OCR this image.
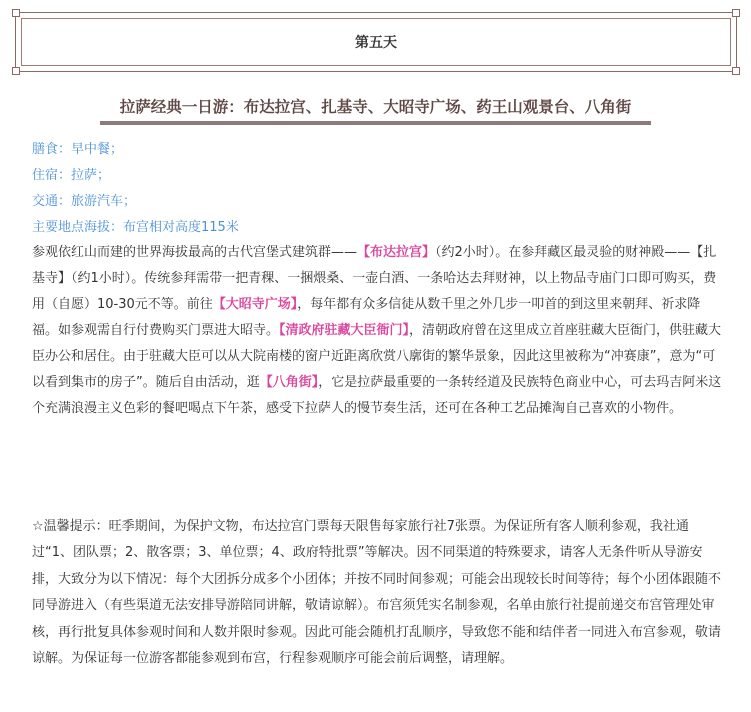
第五天
拉萨经典一日游：布达拉宫、扎基寺、大昭寺广场、药王山观景台、八角街
膳食：早中餐；
住宿：拉萨；
交通：旅游汽车；
主要地点海拔：布宫相对高度115米
参观依红山而建的世界海拔最高的古代宫堡式建筑群——【布达拉宫】（约2小时）。在参拜藏区最灵验的财神殿——【扎基寺】（约1小时）。传统参拜需带一把青稞、一捆煨桑、一壶白酒、一条哈达去拜财神，以上物品寺庙门口即可购买，费用（自愿）10-30元不等。前往【大昭寺广场】，每年都有众多信徒从数千里之外几步一叩首的到这里来朝拜、祈求降福。如参观需自行付费购买门票进大昭寺。【清政府驻藏大臣衙门】，清朝政府曾在这里成立首座驻藏大臣衙门，供驻藏大臣办公和居住。由于驻藏大臣可以从大院南楼的窗户近距离欣赏八廓街的繁华景象，因此这里被称为“冲赛康”，意为“可以看到集市的房子”。随后自由活动，逛【八角街】，它是拉萨最重要的一条转经道及民族特色商业中心，可去玛吉阿米这个充满浪漫主义色彩的餐吧喝点下午茶，感受下拉萨人的慢节奏生活，还可在各种工艺品摊淘自己喜欢的小物件。
☆温馨提示：旺季期间，为保护文物，布达拉宫门票每天限售每家旅行社7张票。为保证所有客人顺利参观，我社通过“1、团队票；2、散客票；3、单位票；4、政府特批票”等解决。因不同渠道的特殊要求，请客人无条件听从导游安排，大致分为以下情况：每个大团拆分成多个小团体；并按不同时间参观；可能会出现较长时间等待；每个小团体跟随不同导游进入（有些渠道无法安排导游陪同讲解，敬请谅解）。布宫须凭实名制参观，名单由旅行社提前递交布宫管理处审核，再行批复具体参观时间和人数并限时参观。因此可能会随机打乱顺序，导致您不能和结伴者一同进入布宫参观，敬请谅解。为保证每一位游客都能参观到布宫，行程参观顺序可能会前后调整，请理解。
